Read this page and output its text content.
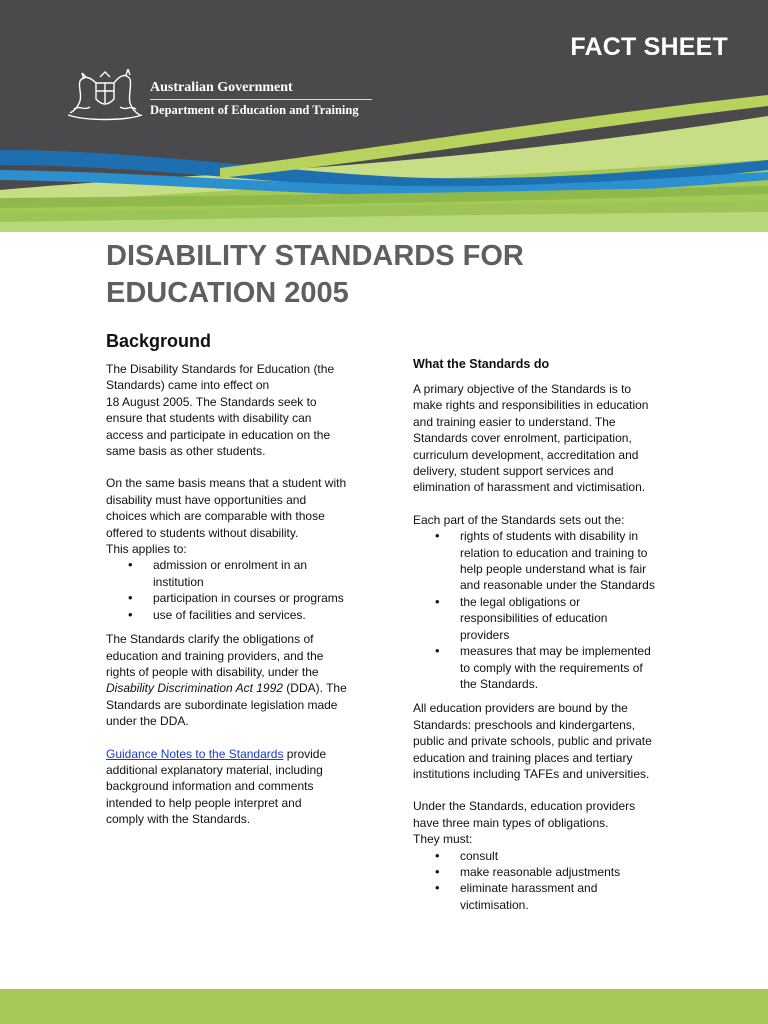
FACT SHEET
Australian Government
Department of Education and Training
DISABILITY STANDARDS FOR
EDUCATION 2005
Background

The Disability Standards for Education (the
Standards) came into effect on
18 August 2005. The Standards seek to
ensure that students with disability can
access and participate in education on the
same basis as other students.

On the same basis means that a student with
disability must have opportunities and
choices which are comparable with those
offered to students without disability.
This applies to:

• admission or enrolment in an
institution
• participation in courses or programs
• use of facilities and services.

The Standards clarify the obligations of
education and training providers, and the
rights of people with disability, under the
Disability Discrimination Act 1992 (DDA). The
Standards are subordinate legislation made
under the DDA.

Guidance Notes to the Standards provide
additional explanatory material, including
background information and comments
intended to help people interpret and
comply with the Standards.

What the Standards do

A primary objective of the Standards is to
make rights and responsibilities in education
and training easier to understand. The
Standards cover enrolment, participation,
curriculum development, accreditation and
delivery, student support services and
elimination of harassment and victimisation.

Each part of the Standards sets out the:

• rights of students with disability in
relation to education and training to
help people understand what is fair
and reasonable under the Standards
• the legal obligations or
responsibilities of education
providers
• measures that may be implemented
to comply with the requirements of
the Standards.

All education providers are bound by the
Standards: preschools and kindergartens,
public and private schools, public and private
education and training places and tertiary
institutions including TAFEs and universities.

Under the Standards, education providers
have three main types of obligations.
They must:

• consult
• make reasonable adjustments
• eliminate harassment and
victimisation.
